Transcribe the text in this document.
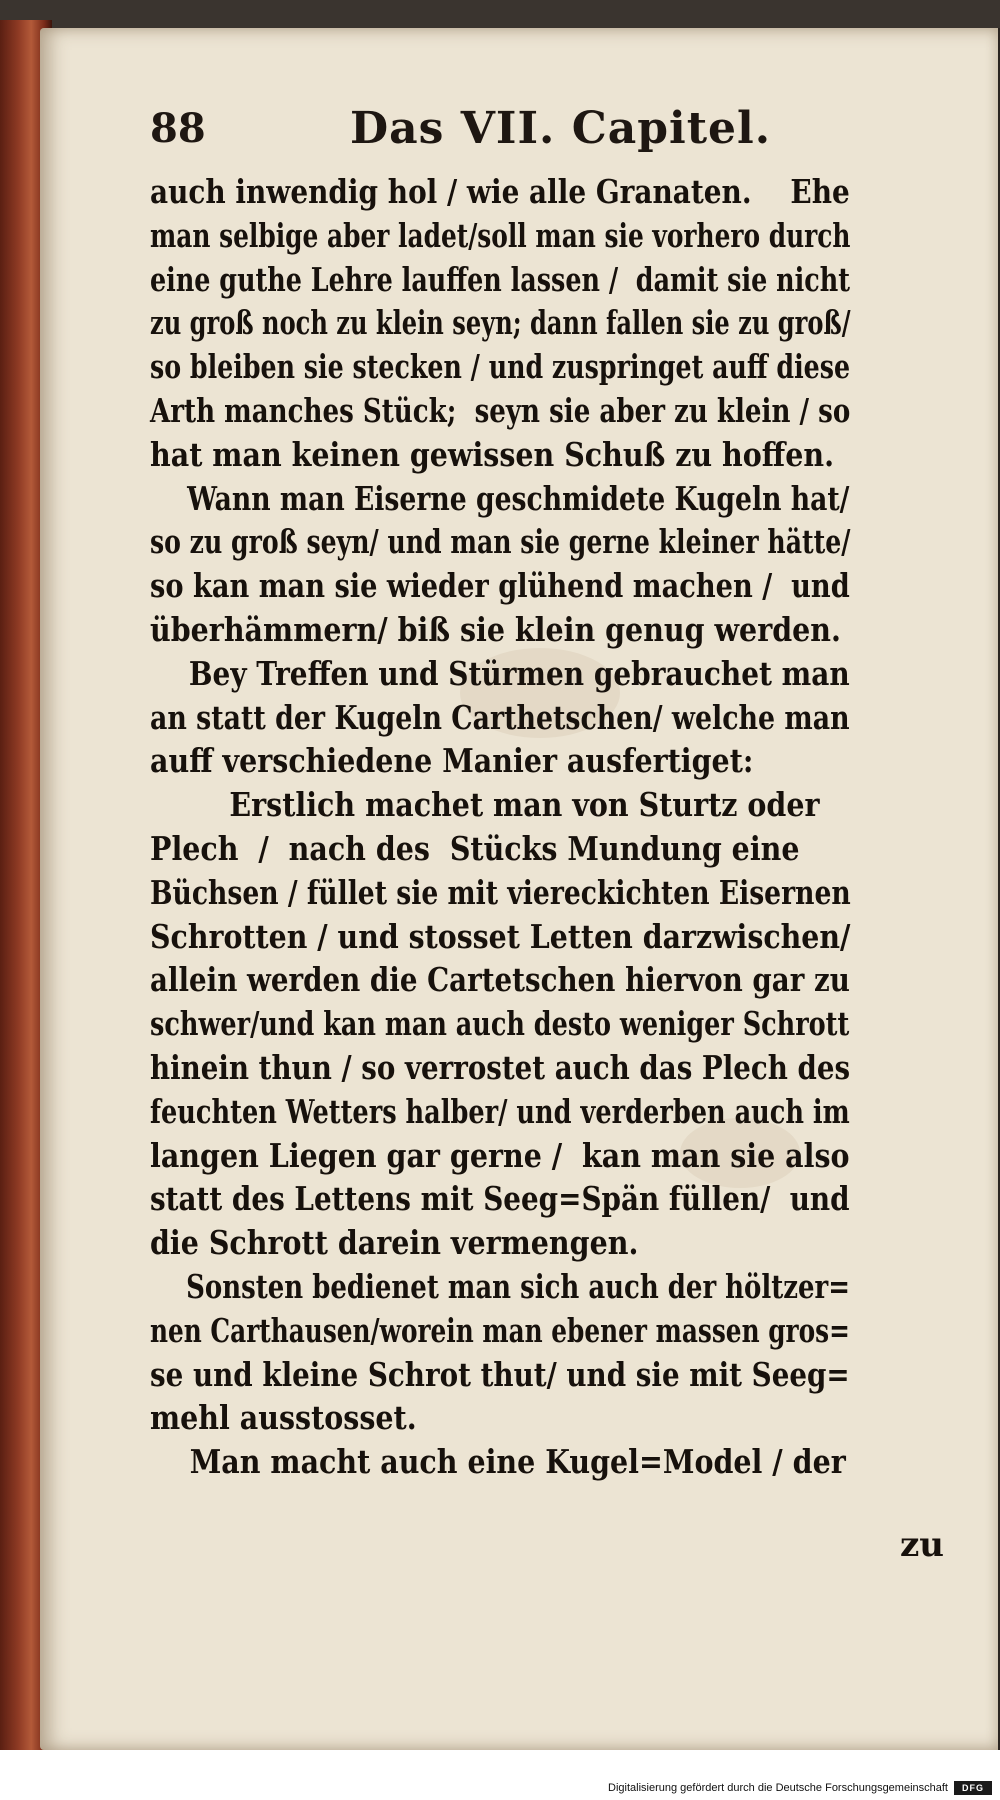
88	Das VII. Capitel.
auch inwendig hol / wie alle Granaten.    Ehe
man selbige aber ladet/soll man sie vorhero durch
eine guthe Lehre lauffen lassen /  damit sie nicht
zu groß noch zu klein seyn; dann fallen sie zu groß/
so bleiben sie stecken / und zuspringet auff diese
Arth manches Stück;  seyn sie aber zu klein / so
hat man keinen gewissen Schuß zu hoffen.
Wann man Eiserne geschmidete Kugeln hat/
so zu groß seyn/ und man sie gerne kleiner hätte/
so kan man sie wieder glühend machen /  und
überhämmern/ biß sie klein genug werden.
Bey Treffen und Stürmen gebrauchet man
an statt der Kugeln Carthetschen/ welche man
auff verschiedene Manier ausfertiget:
Erstlich machet man von Sturtz oder
Plech  /  nach des  Stücks Mundung eine
Büchsen / füllet sie mit viereckichten Eisernen
Schrotten / und stosset Letten darzwischen/
allein werden die Cartetschen hiervon gar zu
schwer/und kan man auch desto weniger Schrott
hinein thun / so verrostet auch das Plech des
feuchten Wetters halber/ und verderben auch im
langen Liegen gar gerne /  kan man sie also
statt des Lettens mit Seeg=Spän füllen/  und
die Schrott darein vermengen.
Sonsten bedienet man sich auch der höltzer=
nen Carthausen/worein man ebener massen gros=
se und kleine Schrot thut/ und sie mit Seeg=
mehl ausstosset.
Man macht auch eine Kugel=Model / der
zu
Digitalisierung gefördert durch die Deutsche Forschungsgemeinschaft	DFG
